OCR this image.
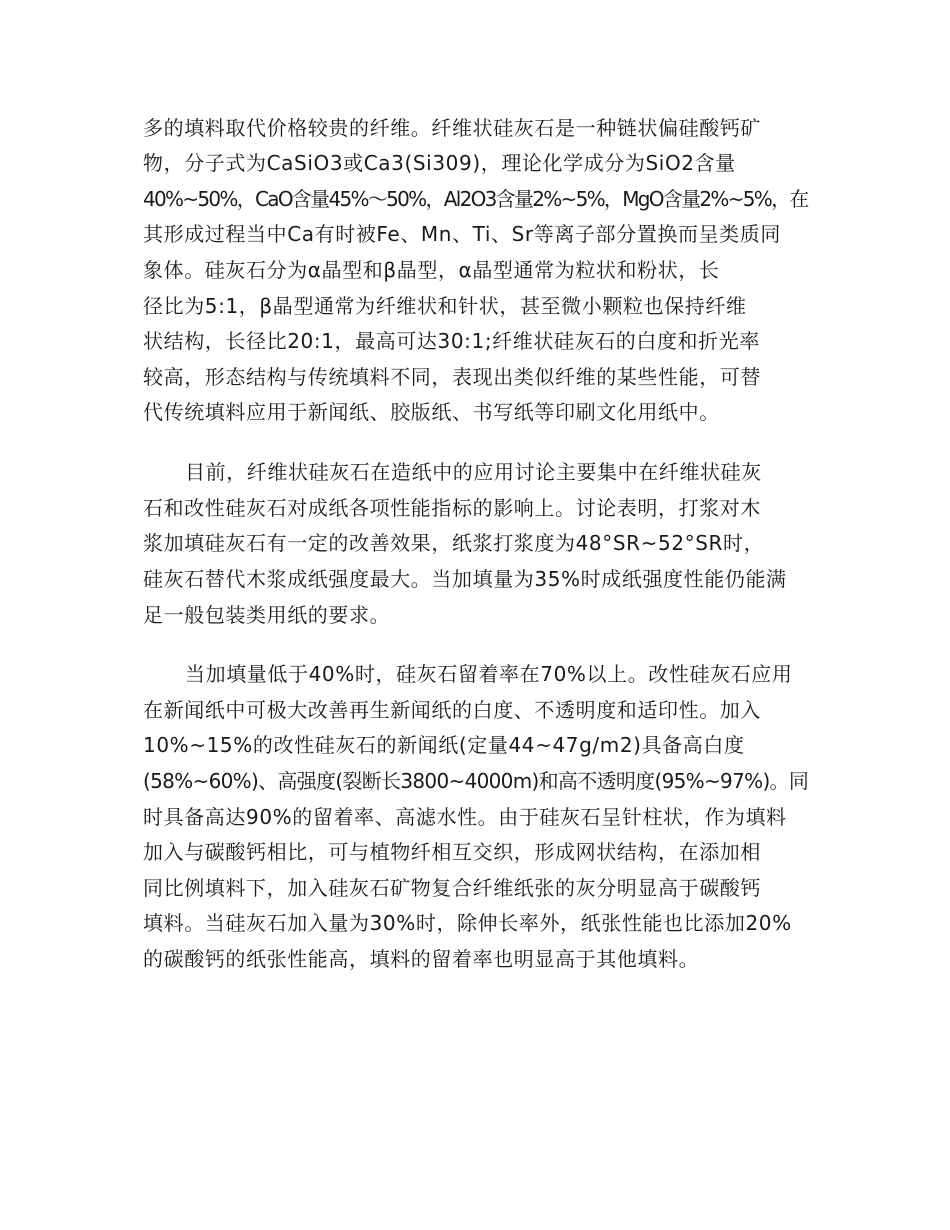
多的填料取代价格较贵的纤维。纤维状硅灰石是一种链状偏硅酸钙矿
物，分子式为CaSiO3或Ca3(Si309)，理论化学成分为SiO2含量
40%~50%，CaO含量45%～50%，Al2O3含量2%~5%，MgO含量2%~5%，在
其形成过程当中Ca有时被Fe、Mn、Ti、Sr等离子部分置换而呈类质同
象体。硅灰石分为α晶型和β晶型，α晶型通常为粒状和粉状，长
径比为5:1，β晶型通常为纤维状和针状，甚至微小颗粒也保持纤维
状结构，长径比20:1，最高可达30:1;纤维状硅灰石的白度和折光率
较高，形态结构与传统填料不同，表现出类似纤维的某些性能，可替
代传统填料应用于新闻纸、胶版纸、书写纸等印刷文化用纸中。
目前，纤维状硅灰石在造纸中的应用讨论主要集中在纤维状硅灰
石和改性硅灰石对成纸各项性能指标的影响上。讨论表明，打浆对木
浆加填硅灰石有一定的改善效果，纸浆打浆度为48°SR~52°SR时，
硅灰石替代木浆成纸强度最大。当加填量为35%时成纸强度性能仍能满
足一般包装类用纸的要求。
当加填量低于40%时，硅灰石留着率在70%以上。改性硅灰石应用
在新闻纸中可极大改善再生新闻纸的白度、不透明度和适印性。加入
10%~15%的改性硅灰石的新闻纸(定量44~47g/m2)具备高白度
(58%~60%)、高强度(裂断长3800~4000m)和高不透明度(95%~97%)。同
时具备高达90%的留着率、高滤水性。由于硅灰石呈针柱状，作为填料
加入与碳酸钙相比，可与植物纤相互交织，形成网状结构，在添加相
同比例填料下，加入硅灰石矿物复合纤维纸张的灰分明显高于碳酸钙
填料。当硅灰石加入量为30%时，除伸长率外，纸张性能也比添加20%
的碳酸钙的纸张性能高，填料的留着率也明显高于其他填料。
